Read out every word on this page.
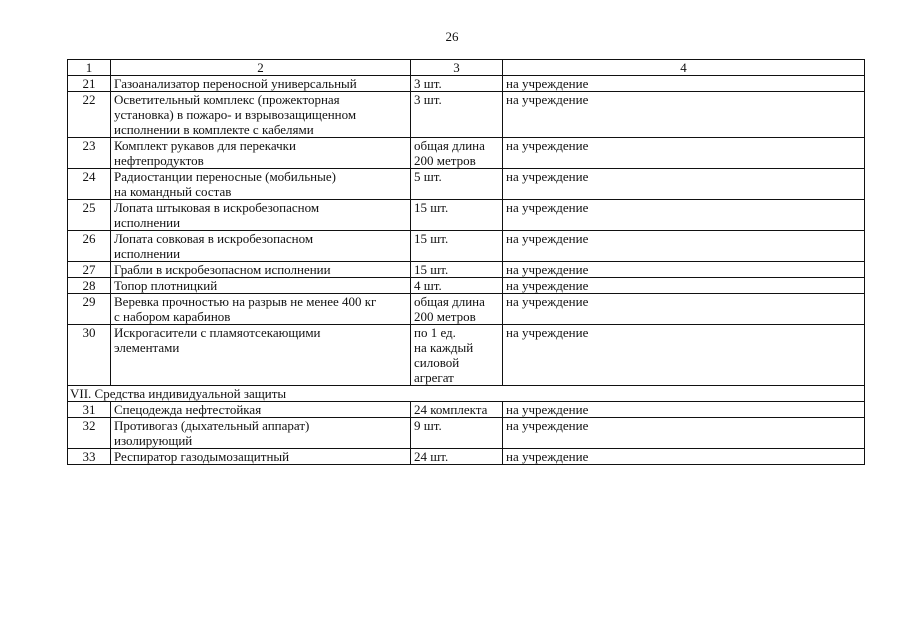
26
1	2	3	4
21	Газоанализатор переносной универсальный	3 шт.	на учреждение
22	Осветительный комплекс (прожекторная
установка) в пожаро- и взрывозащищенном
исполнении в комплекте с кабелями	3 шт.	на учреждение
23	Комплект рукавов для перекачки
нефтепродуктов	общая длина
200 метров	на учреждение
24	Радиостанции переносные (мобильные)
на командный состав	5 шт.	на учреждение
25	Лопата штыковая в искробезопасном
исполнении	15 шт.	на учреждение
26	Лопата совковая в искробезопасном
исполнении	15 шт.	на учреждение
27	Грабли в искробезопасном исполнении	15 шт.	на учреждение
28	Топор плотницкий	4 шт.	на учреждение
29	Веревка прочностью на разрыв не менее 400 кг
с набором карабинов	общая длина
200 метров	на учреждение
30	Искрогасители с пламяотсекающими
элементами	по 1 ед.
на каждый
силовой
агрегат	на учреждение
VII. Средства индивидуальной защиты			
31	Спецодежда нефтестойкая	24 комплекта	на учреждение
32	Противогаз (дыхательный аппарат)
изолирующий	9 шт.	на учреждение
33	Респиратор газодымозащитный	24 шт.	на учреждение
